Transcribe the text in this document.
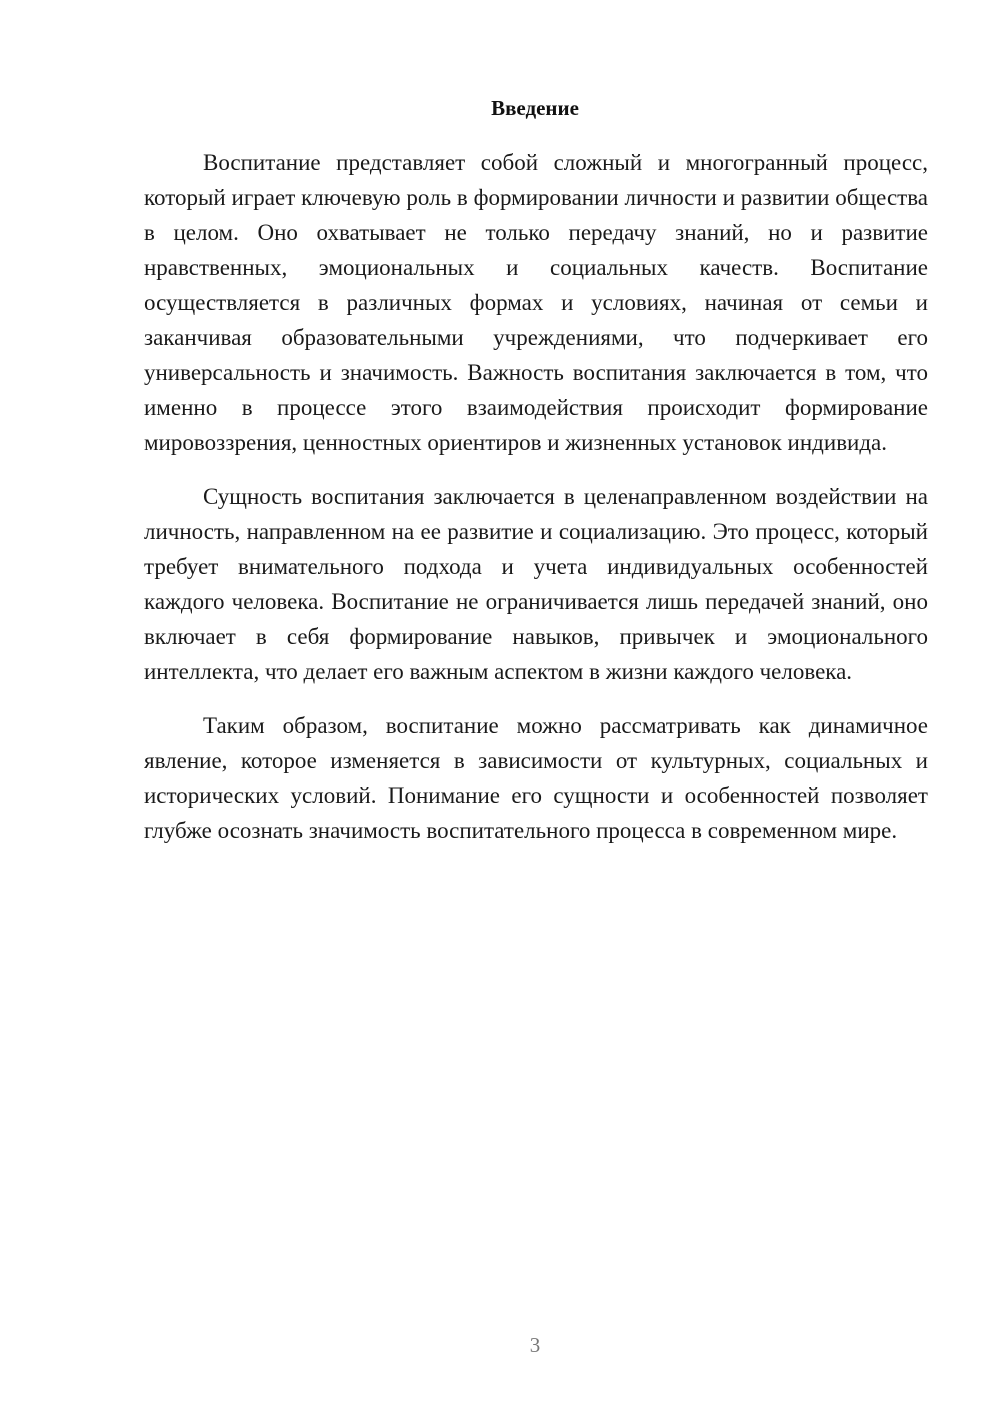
Введение

Воспитание представляет собой сложный и многогранный процесс, который играет ключевую роль в формировании личности и развитии общества в целом. Оно охватывает не только передачу знаний, но и развитие нравственных, эмоциональных и социальных качеств. Воспитание осуществляется в различных формах и условиях, начиная от семьи и заканчивая образовательными учреждениями, что подчеркивает его универсальность и значимость. Важность воспитания заключается в том, что именно в процессе этого взаимодействия происходит формирование мировоззрения, ценностных ориентиров и жизненных установок индивида.

Сущность воспитания заключается в целенаправленном воздействии на личность, направленном на ее развитие и социализацию. Это процесс, который требует внимательного подхода и учета индивидуальных особенностей каждого человека. Воспитание не ограничивается лишь передачей знаний, оно включает в себя формирование навыков, привычек и эмоционального интеллекта, что делает его важным аспектом в жизни каждого человека.

Таким образом, воспитание можно рассматривать как динамичное явление, которое изменяется в зависимости от культурных, социальных и исторических условий. Понимание его сущности и особенностей позволяет глубже осознать значимость воспитательного процесса в современном мире.

3
